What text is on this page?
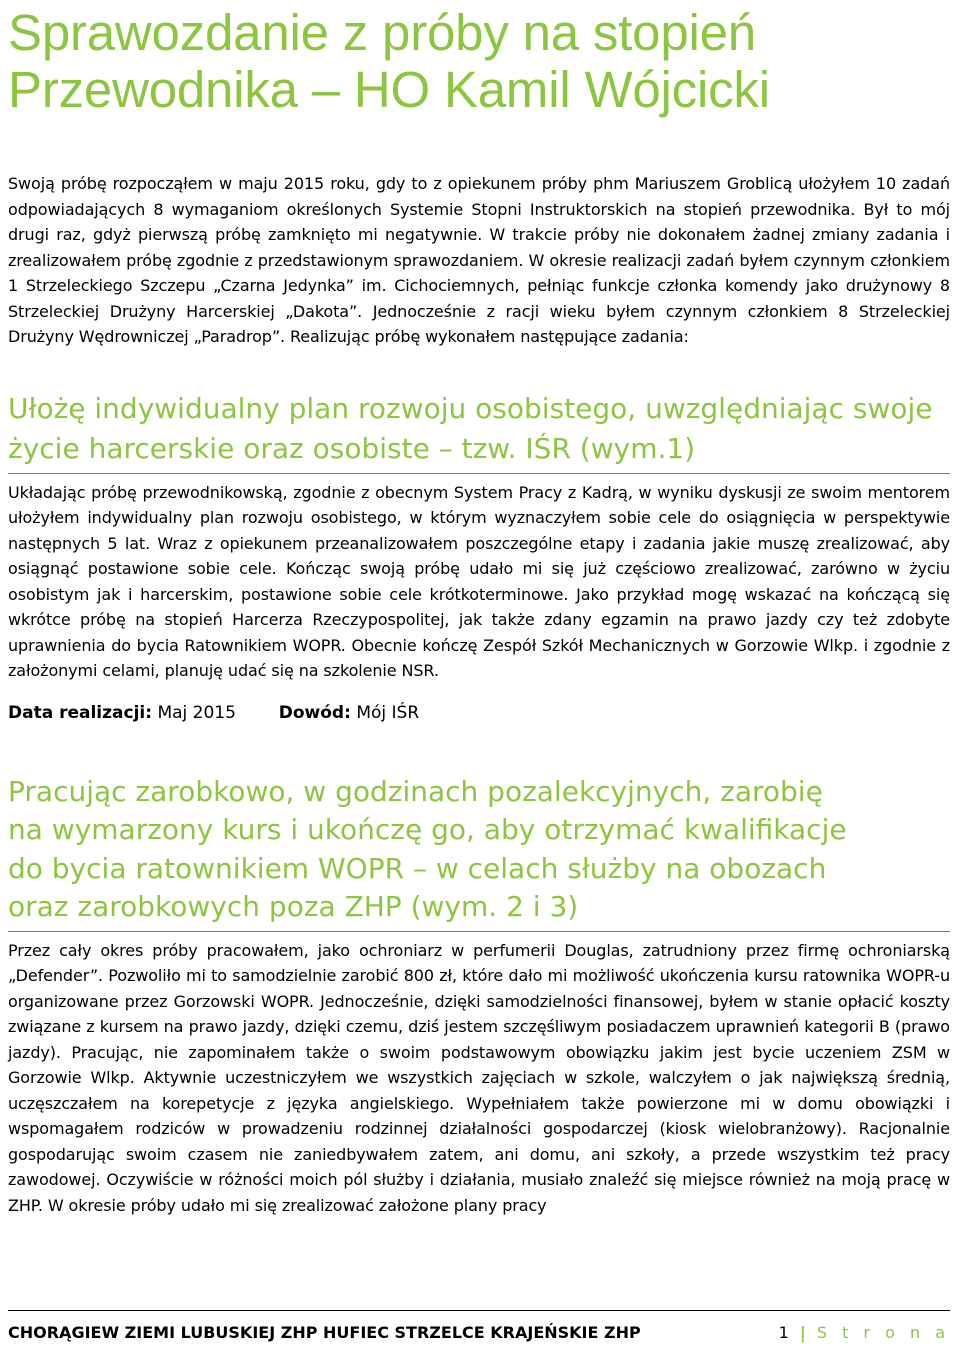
Sprawozdanie z próby na stopień
Przewodnika – HO Kamil Wójcicki

Swoją próbę rozpocząłem w maju 2015 roku, gdy to z opiekunem próby phm Mariuszem Groblicą ułożyłem 10 zadań odpowiadających 8 wymaganiom określonych Systemie Stopni Instruktorskich na stopień przewodnika. Był to mój drugi raz, gdyż pierwszą próbę zamknięto mi negatywnie. W trakcie próby nie dokonałem żadnej zmiany zadania i zrealizowałem próbę zgodnie z przedstawionym sprawozdaniem. W okresie realizacji zadań byłem czynnym członkiem 1 Strzeleckiego Szczepu „Czarna Jedynka” im. Cichociemnych, pełniąc funkcje członka komendy jako drużynowy 8 Strzeleckiej Drużyny Harcerskiej „Dakota”. Jednocześnie z racji wieku byłem czynnym członkiem 8 Strzeleckiej Drużyny Wędrowniczej „Paradrop”. Realizując próbę wykonałem następujące zadania:

Ułożę indywidualny plan rozwoju osobistego, uwzględniając swoje życie harcerskie oraz osobiste – tzw. IŚR (wym.1)

Układając próbę przewodnikowską, zgodnie z obecnym System Pracy z Kadrą, w wyniku dyskusji ze swoim mentorem ułożyłem indywidualny plan rozwoju osobistego, w którym wyznaczyłem sobie cele do osiągnięcia w perspektywie następnych 5 lat. Wraz z opiekunem przeanalizowałem poszczególne etapy i zadania jakie muszę zrealizować, aby osiągnąć postawione sobie cele. Kończąc swoją próbę udało mi się już częściowo zrealizować, zarówno w życiu osobistym jak i harcerskim, postawione sobie cele krótkoterminowe. Jako przykład mogę wskazać na kończącą się wkrótce próbę na stopień Harcerza Rzeczypospolitej, jak także zdany egzamin na prawo jazdy czy też zdobyte uprawnienia do bycia Ratownikiem WOPR. Obecnie kończę Zespół Szkół Mechanicznych w Gorzowie Wlkp. i zgodnie z założonymi celami, planuję udać się na szkolenie NSR.

Data realizacji: Maj 2015	Dowód: Mój IŚR
Pracując zarobkowo, w godzinach pozalekcyjnych, zarobię
na wymarzony kurs i ukończę go, aby otrzymać kwalifikacje
do bycia ratownikiem WOPR – w celach służby na obozach
oraz zarobkowych poza ZHP (wym. 2 i 3)

Przez cały okres próby pracowałem, jako ochroniarz w perfumerii Douglas, zatrudniony przez firmę ochroniarską „Defender”. Pozwoliło mi to samodzielnie zarobić 800 zł, które dało mi możliwość ukończenia kursu ratownika WOPR-u organizowane przez Gorzowski WOPR. Jednocześnie, dzięki samodzielności finansowej, byłem w stanie opłacić koszty związane z kursem na prawo jazdy, dzięki czemu, dziś jestem szczęśliwym posiadaczem uprawnień kategorii B (prawo jazdy). Pracując, nie zapominałem także o swoim podstawowym obowiązku jakim jest bycie uczeniem ZSM w Gorzowie Wlkp. Aktywnie uczestniczyłem we wszystkich zajęciach w szkole, walczyłem o jak największą średnią, uczęszczałem na korepetycje z języka angielskiego. Wypełniałem także powierzone mi w domu obowiązki i wspomagałem rodziców w prowadzeniu rodzinnej działalności gospodarczej (kiosk wielobranżowy). Racjonalnie gospodarując swoim czasem nie zaniedbywałem zatem, ani domu, ani szkoły, a przede wszystkim też pracy zawodowej. Oczywiście w różności moich pól służby i działania, musiało znaleźć się miejsce również na moją pracę w ZHP. W okresie próby udało mi się zrealizować założone plany pracy

CHORĄGIEW ZIEMI LUBUSKIEJ ZHP HUFIEC STRZELCE KRAJEŃSKIE ZHP	1 | S t r o n a
